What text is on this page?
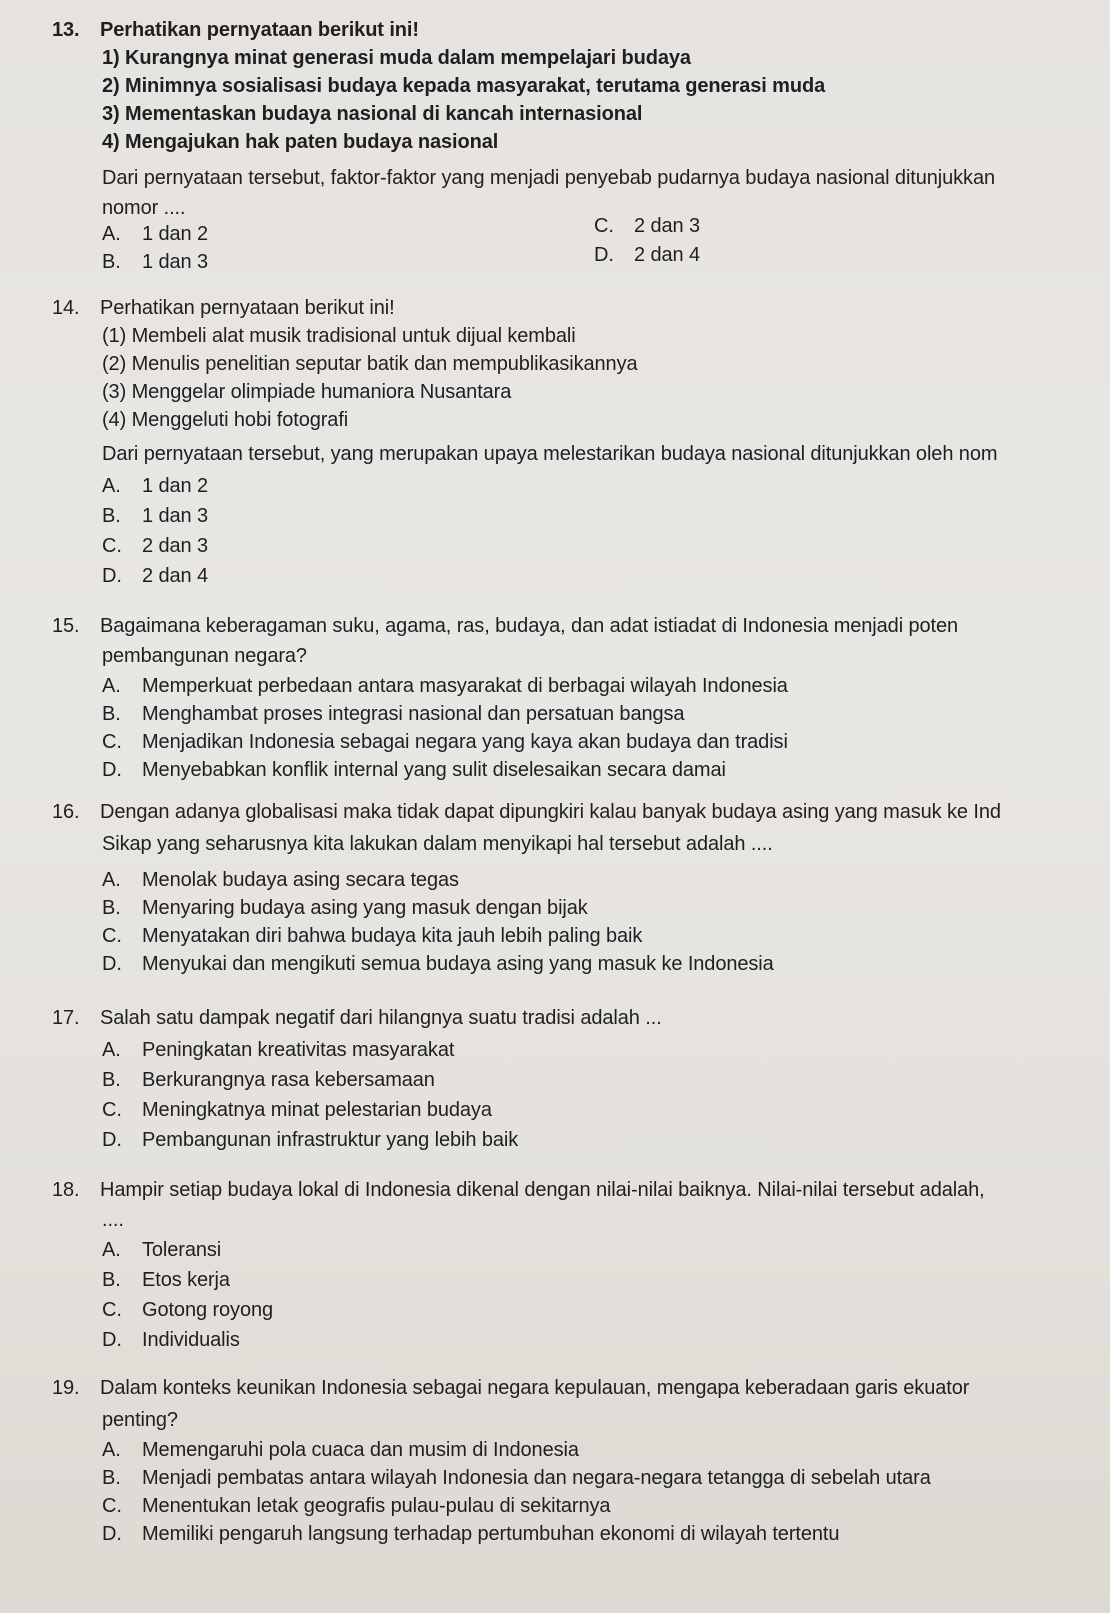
13. Perhatikan pernyataan berikut ini!
1) Kurangnya minat generasi muda dalam mempelajari budaya
2) Minimnya sosialisasi budaya kepada masyarakat, terutama generasi muda
3) Mementaskan budaya nasional di kancah internasional
4) Mengajukan hak paten budaya nasional
Dari pernyataan tersebut, faktor-faktor yang menjadi penyebab pudarnya budaya nasional ditunjukkan
nomor ....
A. 1 dan 2	C. 2 dan 3
B. 1 dan 3	D. 2 dan 4
14. Perhatikan pernyataan berikut ini!
(1) Membeli alat musik tradisional untuk dijual kembali
(2) Menulis penelitian seputar batik dan mempublikasikannya
(3) Menggelar olimpiade humaniora Nusantara
(4) Menggeluti hobi fotografi
Dari pernyataan tersebut, yang merupakan upaya melestarikan budaya nasional ditunjukkan oleh nom
A. 1 dan 2
B. 1 dan 3
C. 2 dan 3
D. 2 dan 4
15. Bagaimana keberagaman suku, agama, ras, budaya, dan adat istiadat di Indonesia menjadi poten
pembangunan negara?
A. Memperkuat perbedaan antara masyarakat di berbagai wilayah Indonesia
B. Menghambat proses integrasi nasional dan persatuan bangsa
C. Menjadikan Indonesia sebagai negara yang kaya akan budaya dan tradisi
D. Menyebabkan konflik internal yang sulit diselesaikan secara damai
16. Dengan adanya globalisasi maka tidak dapat dipungkiri kalau banyak budaya asing yang masuk ke Ind
Sikap yang seharusnya kita lakukan dalam menyikapi hal tersebut adalah ....
A. Menolak budaya asing secara tegas
B. Menyaring budaya asing yang masuk dengan bijak
C. Menyatakan diri bahwa budaya kita jauh lebih paling baik
D. Menyukai dan mengikuti semua budaya asing yang masuk ke Indonesia
17. Salah satu dampak negatif dari hilangnya suatu tradisi adalah ...
A. Peningkatan kreativitas masyarakat
B. Berkurangnya rasa kebersamaan
C. Meningkatnya minat pelestarian budaya
D. Pembangunan infrastruktur yang lebih baik
18. Hampir setiap budaya lokal di Indonesia dikenal dengan nilai-nilai baiknya. Nilai-nilai tersebut adalah,
....
A. Toleransi
B. Etos kerja
C. Gotong royong
D. Individualis
19. Dalam konteks keunikan Indonesia sebagai negara kepulauan, mengapa keberadaan garis ekuator
penting?
A. Memengaruhi pola cuaca dan musim di Indonesia
B. Menjadi pembatas antara wilayah Indonesia dan negara-negara tetangga di sebelah utara
C. Menentukan letak geografis pulau-pulau di sekitarnya
D. Memiliki pengaruh langsung terhadap pertumbuhan ekonomi di wilayah tertentu
